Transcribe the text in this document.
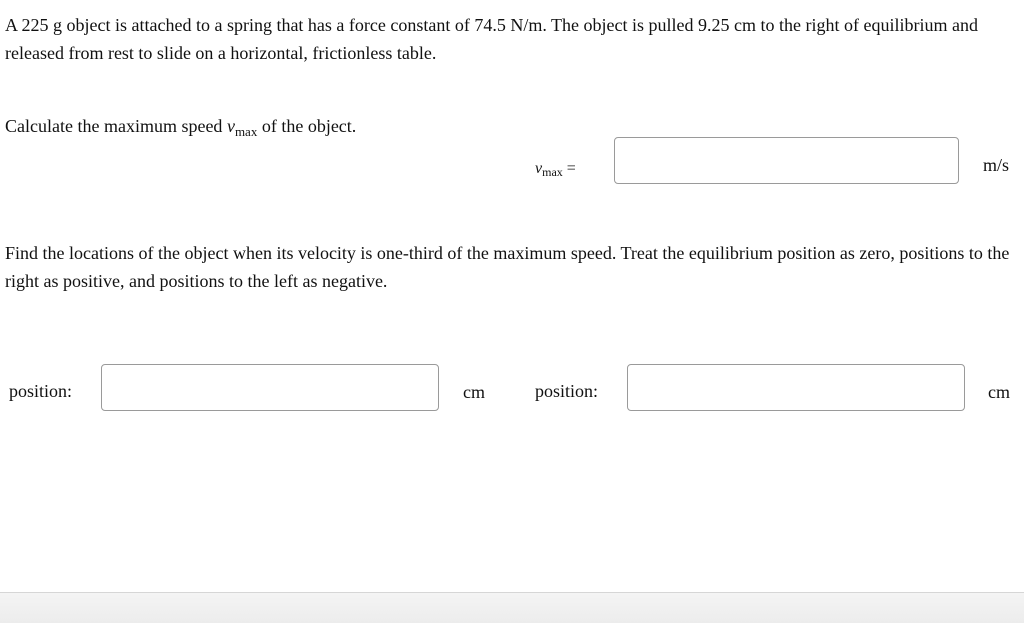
A 225 g object is attached to a spring that has a force constant of 74.5 N/m. The object is pulled 9.25 cm to the right of equilibrium and released from rest to slide on a horizontal, frictionless table.

Calculate the maximum speed $v_{max}$ of the object.

$v_{max}$ =	m/s

Find the locations of the object when its velocity is one-third of the maximum speed. Treat the equilibrium position as zero, positions to the right as positive, and positions to the left as negative.

position:	cm	position:	cm
